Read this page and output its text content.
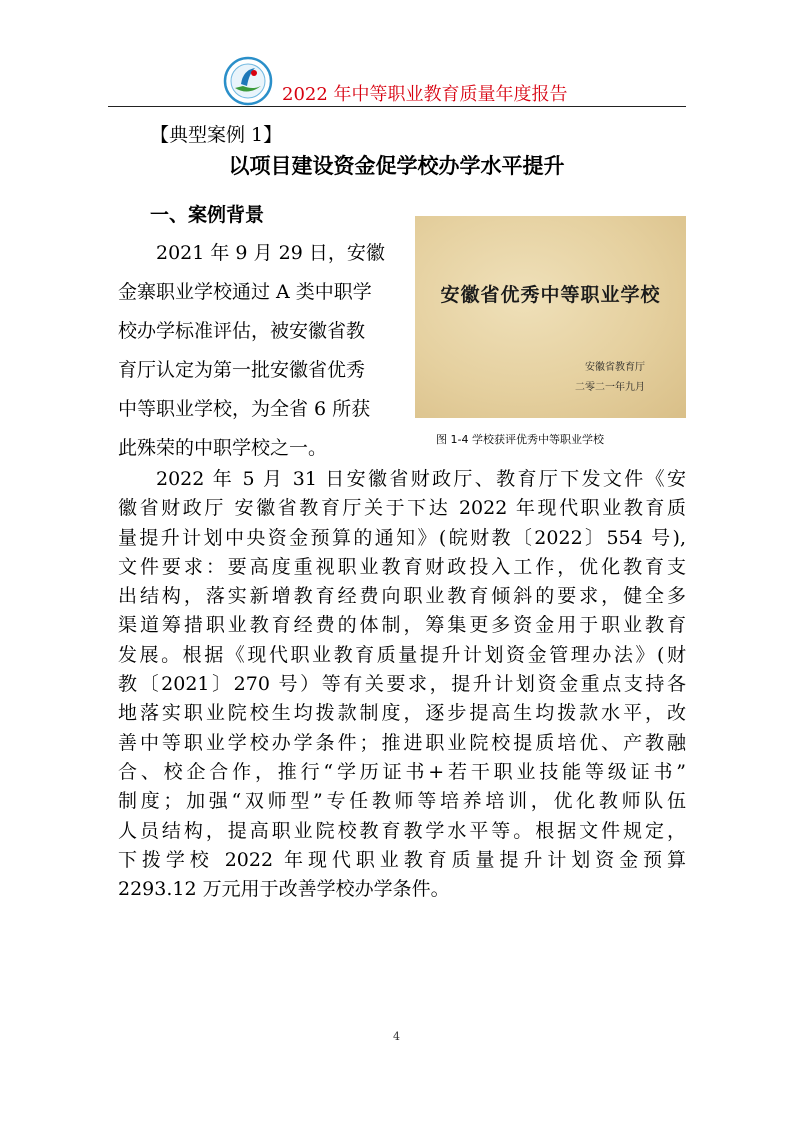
2022 年中等职业教育质量年度报告
【典型案例 1】
以项目建设资金促学校办学水平提升
一、案例背景
安徽省优秀中等职业学校
安徽省教育厅
二零二一年九月
图 1-4 学校获评优秀中等职业学校
2021 年 9 月 29 日，安徽
金寨职业学校通过 A 类中职学
校办学标准评估，被安徽省教
育厅认定为第一批安徽省优秀
中等职业学校，为全省 6 所获
此殊荣的中职学校之一。
2022 年 5 月 31 日安徽省财政厅、教育厅下发文件《安
徽省财政厅 安徽省教育厅关于下达 2022 年现代职业教育质
量提升计划中央资金预算的通知》(皖财教〔2022〕554 号),
文件要求：要高度重视职业教育财政投入工作，优化教育支
出结构，落实新增教育经费向职业教育倾斜的要求，健全多
渠道筹措职业教育经费的体制，筹集更多资金用于职业教育
发展。根据《现代职业教育质量提升计划资金管理办法》(财
教〔2021〕270 号）等有关要求，提升计划资金重点支持各
地落实职业院校生均拨款制度，逐步提高生均拨款水平，改
善中等职业学校办学条件；推进职业院校提质培优、产教融
合、校企合作，推行“学历证书+若干职业技能等级证书”
制度；加强“双师型”专任教师等培养培训，优化教师队伍
人员结构，提高职业院校教育教学水平等。根据文件规定，
下拨学校 2022 年现代职业教育质量提升计划资金预算
2293.12 万元用于改善学校办学条件。
4
